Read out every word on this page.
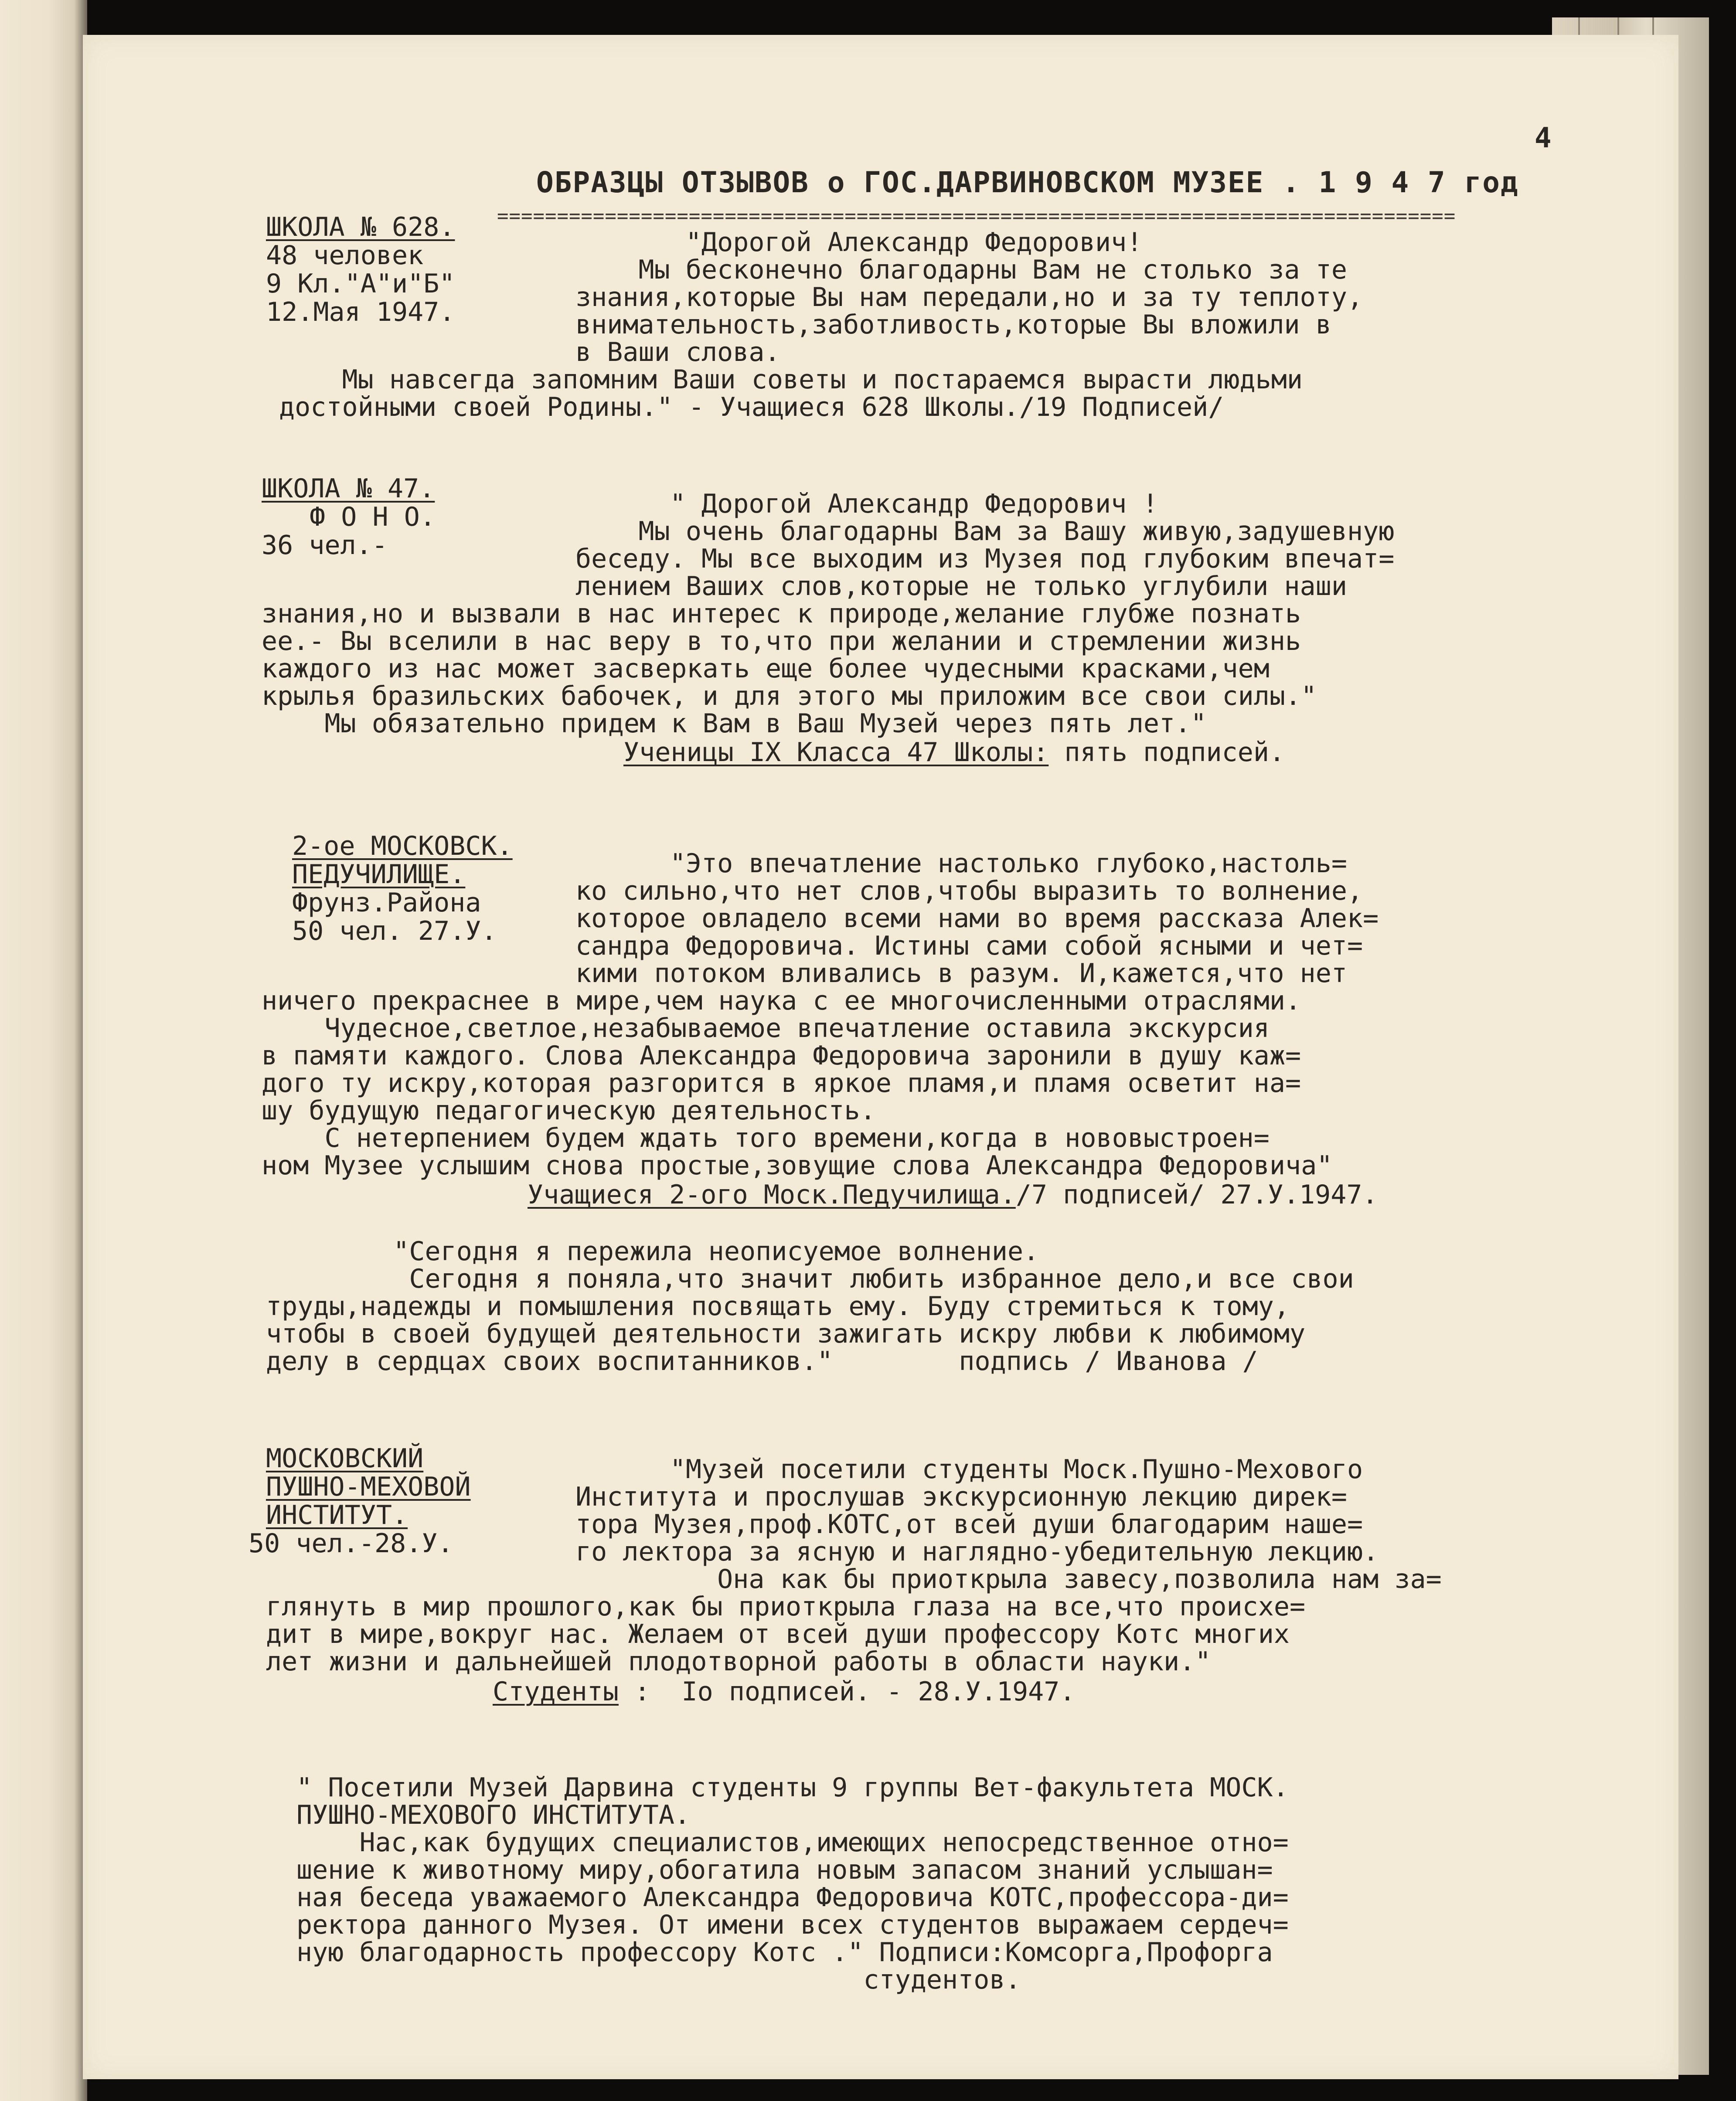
4
ОБРАЗЦЫ ОТЗЫВОВ о ГОС.ДАРВИНОВСКОМ МУЗЕЕ . 1 9 4 7 год
================================================================================
ШКОЛА № 628.
48 человек
9 Кл."А"и"Б"
12.Мая 1947.
"Дорогой Александр Федорович!
Мы бесконечно благодарны Вам не столько за те
знания,которые Вы нам передали,но и за ту теплоту,
внимательность,заботливость,которые Вы вложили в
в Ваши слова.
Мы навсегда запомним Ваши советы и постараемся вырасти людьми
достойными своей Родины." - Учащиеся 628 Школы./19 Подписей/
ШКОЛА № 47.
Ф О Н О.
36 чел.-
" Дорогой Александр Федорович !
Мы очень благодарны Вам за Вашу живую,задушевную
беседу. Мы все выходим из Музея под глубоким впечат=
лением Ваших слов,которые не только углубили наши
знания,но и вызвали в нас интерес к природе,желание глубже познать
ее.- Вы вселили в нас веру в то,что при желании и стремлении жизнь
каждого из нас может засверкать еще более чудесными красками,чем
крылья бразильских бабочек, и для этого мы приложим все свои силы."
Мы обязательно придем к Вам в Ваш Музей через пять лет."
Ученицы IX Класса 47 Школы: пять подписей.
2-ое МОСКОВСК.
ПЕДУЧИЛИЩЕ.
Фрунз.Района
50 чел. 27.У.
"Это впечатление настолько глубоко,настоль=
ко сильно,что нет слов,чтобы выразить то волнение,
которое овладело всеми нами во время рассказа Алек=
сандра Федоровича. Истины сами собой ясными и чет=
кими потоком вливались в разум. И,кажется,что нет
ничего прекраснее в мире,чем наука с ее многочисленными отраслями.
Чудесное,светлое,незабываемое впечатление оставила экскурсия
в памяти каждого. Слова Александра Федоровича заронили в душу каж=
дого ту искру,которая разгорится в яркое пламя,и пламя осветит на=
шу будущую педагогическую деятельность.
С нетерпением будем ждать того времени,когда в нововыстроен=
ном Музее услышим снова простые,зовущие слова Александра Федоровича"
Учащиеся 2-ого Моск.Педучилища./7 подписей/ 27.У.1947.
"Сегодня я пережила неописуемое волнение.
Сегодня я поняла,что значит любить избранное дело,и все свои
труды,надежды и помышления посвящать ему. Буду стремиться к тому,
чтобы в своей будущей деятельности зажигать искру любви к любимому
делу в сердцах своих воспитанников."        подпись / Иванова /
МОСКОВСКИЙ
ПУШНО-МЕХОВОЙ
ИНСТИТУТ.
50 чел.-28.У.
"Музей посетили студенты Моск.Пушно-Мехового
Института и прослушав экскурсионную лекцию дирек=
тора Музея,проф.КОТС,от всей души благодарим наше=
го лектора за ясную и наглядно-убедительную лекцию.
Она как бы приоткрыла завесу,позволила нам за=
глянуть в мир прошлого,как бы приоткрыла глаза на все,что происхе=
дит в мире,вокруг нас. Желаем от всей души профессору Котс многих
лет жизни и дальнейшей плодотворной работы в области науки."
Студенты :  Io подписей. - 28.У.1947.
" Посетили Музей Дарвина студенты 9 группы Вет-факультета МОСК.
ПУШНО-МЕХОВОГО ИНСТИТУТА.
Нас,как будущих специалистов,имеющих непосредственное отно=
шение к животному миру,обогатила новым запасом знаний услышан=
ная беседа уважаемого Александра Федоровича КОТС,профессора-ди=
ректора данного Музея. От имени всех студентов выражаем сердеч=
ную благодарность профессору Котс ." Подписи:Комсорга,Профорга
студентов.
